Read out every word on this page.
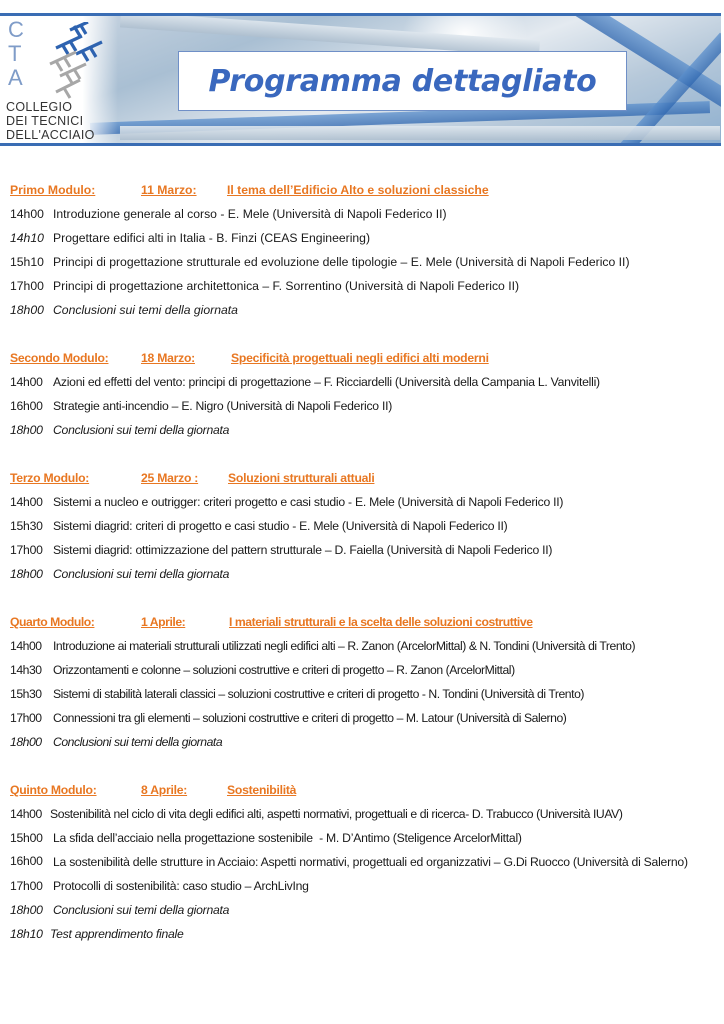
C
T
A
COLLEGIO
DEI TECNICI
DELL'ACCIAIO
Programma dettagliato
Primo Modulo:	11 Marzo:	Il tema dell’Edificio Alto e soluzioni classiche
14h00 Introduzione generale al corso - E. Mele (Università di Napoli Federico II)
14h10 Progettare edifici alti in Italia - B. Finzi (CEAS Engineering)
15h10 Principi di progettazione strutturale ed evoluzione delle tipologie – E. Mele (Università di Napoli Federico II)
17h00 Principi di progettazione architettonica – F. Sorrentino (Università di Napoli Federico II)
18h00 Conclusioni sui temi della giornata
Secondo Modulo:	18 Marzo:	Specificità progettuali negli edifici alti moderni
14h00 Azioni ed effetti del vento: principi di progettazione – F. Ricciardelli (Università della Campania L. Vanvitelli)
16h00 Strategie anti-incendio – E. Nigro (Università di Napoli Federico II)
18h00 Conclusioni sui temi della giornata
Terzo Modulo:	25 Marzo :	Soluzioni strutturali attuali
14h00 Sistemi a nucleo e outrigger: criteri progetto e casi studio - E. Mele (Università di Napoli Federico II)
15h30 Sistemi diagrid: criteri di progetto e casi studio - E. Mele (Università di Napoli Federico II)
17h00 Sistemi diagrid: ottimizzazione del pattern strutturale – D. Faiella (Università di Napoli Federico II)
18h00 Conclusioni sui temi della giornata
Quarto Modulo:	1 Aprile:	I materiali strutturali e la scelta delle soluzioni costruttive
14h00 Introduzione ai materiali strutturali utilizzati negli edifici alti – R. Zanon (ArcelorMittal) & N. Tondini (Università di Trento)
14h30 Orizzontamenti e colonne – soluzioni costruttive e criteri di progetto – R. Zanon (ArcelorMittal)
15h30 Sistemi di stabilità laterali classici – soluzioni costruttive e criteri di progetto - N. Tondini (Università di Trento)
17h00 Connessioni tra gli elementi – soluzioni costruttive e criteri di progetto – M. Latour (Università di Salerno)
18h00 Conclusioni sui temi della giornata
Quinto Modulo:	8 Aprile:	Sostenibilità
14h00 Sostenibilità nel ciclo di vita degli edifici alti, aspetti normativi, progettuali e di ricerca- D. Trabucco (Università IUAV)
15h00 La sfida dell’acciaio nella progettazione sostenibile  - M. D’Antimo (Steligence ArcelorMittal)
16h00 La sostenibilità delle strutture in Acciaio: Aspetti normativi, progettuali ed organizzativi – G.Di Ruocco (Università di Salerno)
17h00 Protocolli di sostenibilità: caso studio – ArchLivIng
18h00 Conclusioni sui temi della giornata
18h10 Test apprendimento finale
